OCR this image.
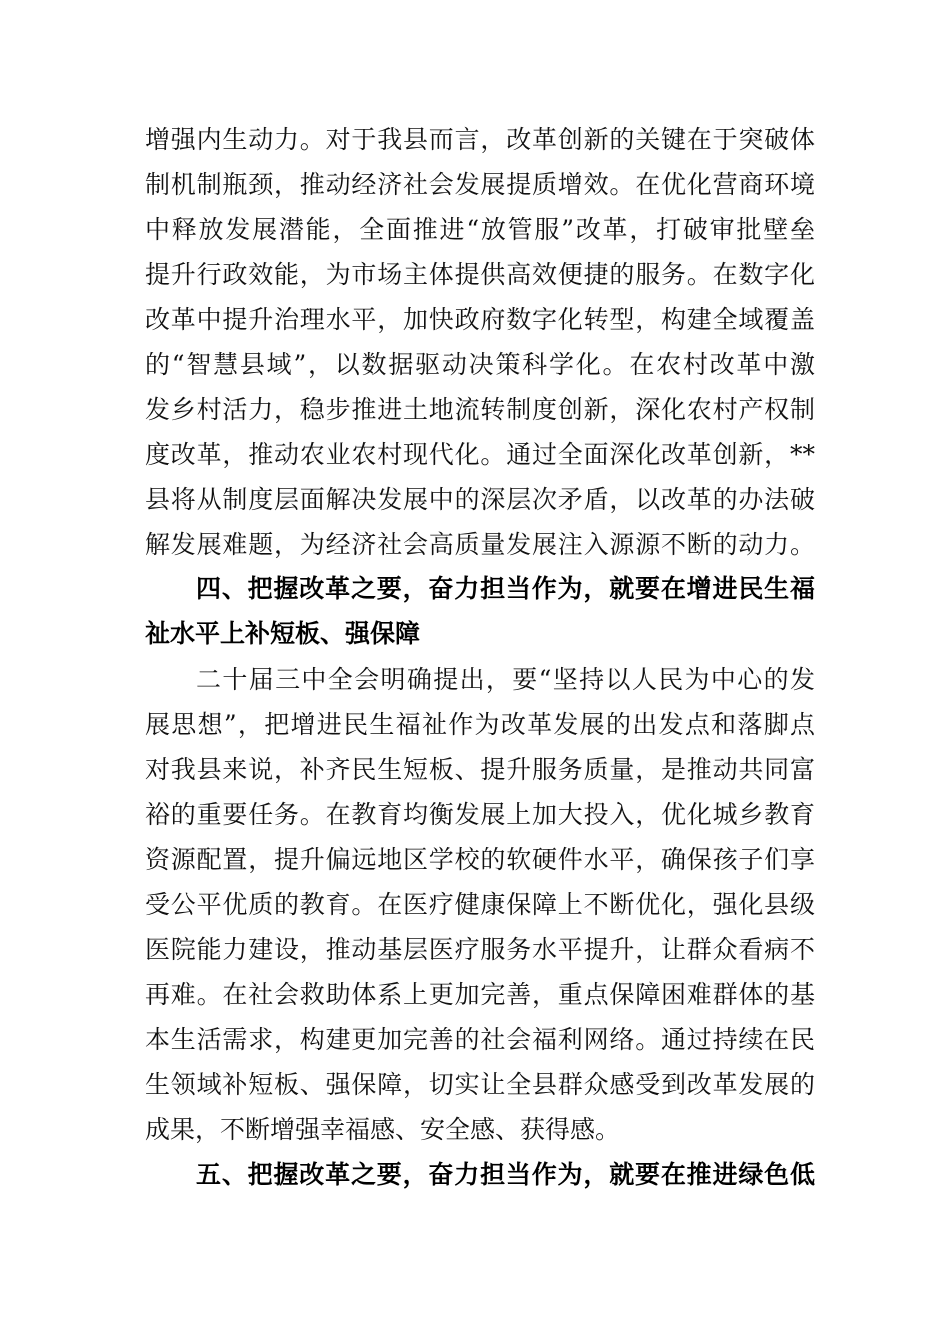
增强内生动力。对于我县而言，改革创新的关键在于突破体
制机制瓶颈，推动经济社会发展提质增效。在优化营商环境
中释放发展潜能，全面推进“放管服”改革，打破审批壁垒
提升行政效能，为市场主体提供高效便捷的服务。在数字化
改革中提升治理水平，加快政府数字化转型，构建全域覆盖
的“智慧县域”，以数据驱动决策科学化。在农村改革中激
发乡村活力，稳步推进土地流转制度创新，深化农村产权制
度改革，推动农业农村现代化。通过全面深化改革创新，**
县将从制度层面解决发展中的深层次矛盾，以改革的办法破
解发展难题，为经济社会高质量发展注入源源不断的动力。
四、把握改革之要，奋力担当作为，就要在增进民生福
祉水平上补短板、强保障
二十届三中全会明确提出，要“坚持以人民为中心的发
展思想”，把增进民生福祉作为改革发展的出发点和落脚点
对我县来说，补齐民生短板、提升服务质量，是推动共同富
裕的重要任务。在教育均衡发展上加大投入，优化城乡教育
资源配置，提升偏远地区学校的软硬件水平，确保孩子们享
受公平优质的教育。在医疗健康保障上不断优化，强化县级
医院能力建设，推动基层医疗服务水平提升，让群众看病不
再难。在社会救助体系上更加完善，重点保障困难群体的基
本生活需求，构建更加完善的社会福利网络。通过持续在民
生领域补短板、强保障，切实让全县群众感受到改革发展的
成果，不断增强幸福感、安全感、获得感。
五、把握改革之要，奋力担当作为，就要在推进绿色低
